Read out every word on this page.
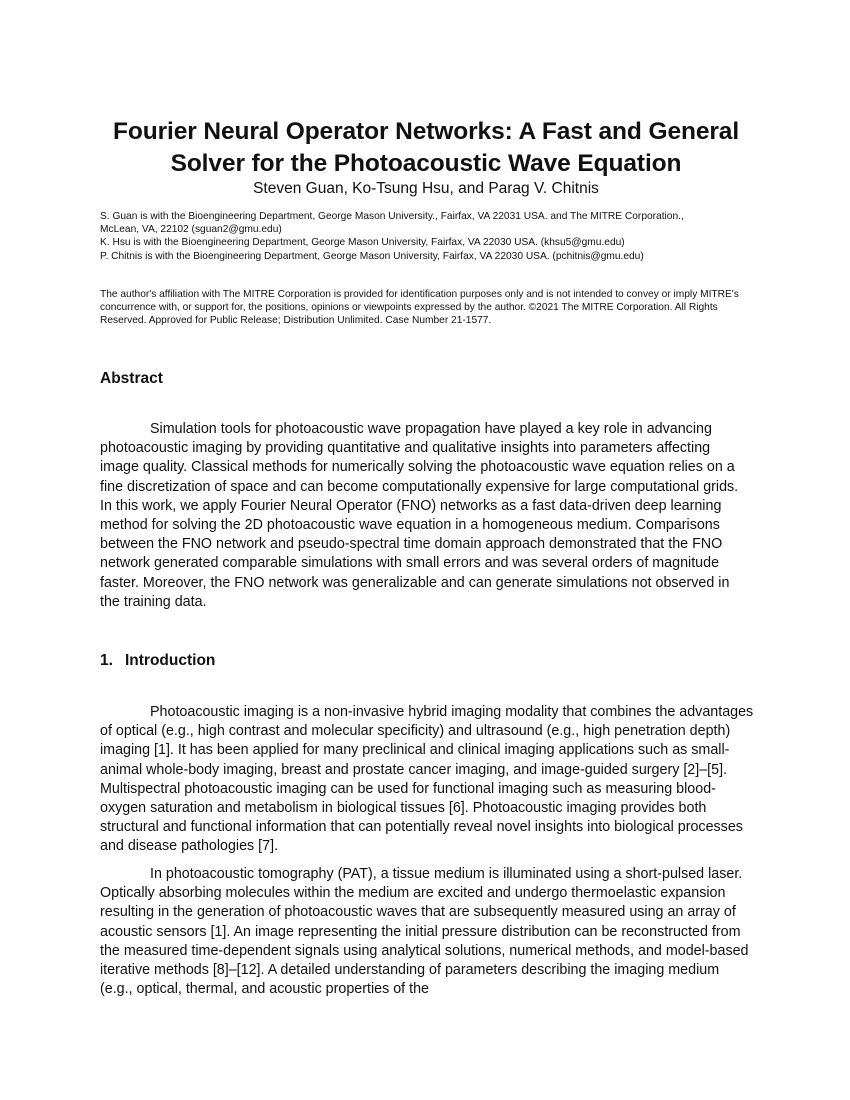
Fourier Neural Operator Networks: A Fast and General
Solver for the Photoacoustic Wave Equation
Steven Guan, Ko-Tsung Hsu, and Parag V. Chitnis
S. Guan is with the Bioengineering Department, George Mason University., Fairfax, VA 22031 USA. and The MITRE Corporation.,
McLean, VA, 22102 (sguan2@gmu.edu)
K. Hsu is with the Bioengineering Department, George Mason University, Fairfax, VA 22030 USA. (khsu5@gmu.edu)
P. Chitnis is with the Bioengineering Department, George Mason University, Fairfax, VA 22030 USA. (pchitnis@gmu.edu)
The author's affiliation with The MITRE Corporation is provided for identification purposes only and is not intended to convey or imply MITRE's concurrence with, or support for, the positions, opinions or viewpoints expressed by the author. ©2021 The MITRE Corporation. All Rights Reserved. Approved for Public Release; Distribution Unlimited. Case Number 21-1577.
Abstract

Simulation tools for photoacoustic wave propagation have played a key role in advancing photoacoustic imaging by providing quantitative and qualitative insights into parameters affecting image quality. Classical methods for numerically solving the photoacoustic wave equation relies on a fine discretization of space and can become computationally expensive for large computational grids. In this work, we apply Fourier Neural Operator (FNO) networks as a fast data-driven deep learning method for solving the 2D photoacoustic wave equation in a homogeneous medium. Comparisons between the FNO network and pseudo-spectral time domain approach demonstrated that the FNO network generated comparable simulations with small errors and was several orders of magnitude faster. Moreover, the FNO network was generalizable and can generate simulations not observed in the training data.

1. Introduction

Photoacoustic imaging is a non-invasive hybrid imaging modality that combines the advantages of optical (e.g., high contrast and molecular specificity) and ultrasound (e.g., high penetration depth) imaging [1]. It has been applied for many preclinical and clinical imaging applications such as small-animal whole-body imaging, breast and prostate cancer imaging, and image-guided surgery [2]–[5]. Multispectral photoacoustic imaging can be used for functional imaging such as measuring blood-oxygen saturation and metabolism in biological tissues [6]. Photoacoustic imaging provides both structural and functional information that can potentially reveal novel insights into biological processes and disease pathologies [7].

In photoacoustic tomography (PAT), a tissue medium is illuminated using a short-pulsed laser. Optically absorbing molecules within the medium are excited and undergo thermoelastic expansion resulting in the generation of photoacoustic waves that are subsequently measured using an array of acoustic sensors [1]. An image representing the initial pressure distribution can be reconstructed from the measured time-dependent signals using analytical solutions, numerical methods, and model-based iterative methods [8]–[12]. A detailed understanding of parameters describing the imaging medium (e.g., optical, thermal, and acoustic properties of the
